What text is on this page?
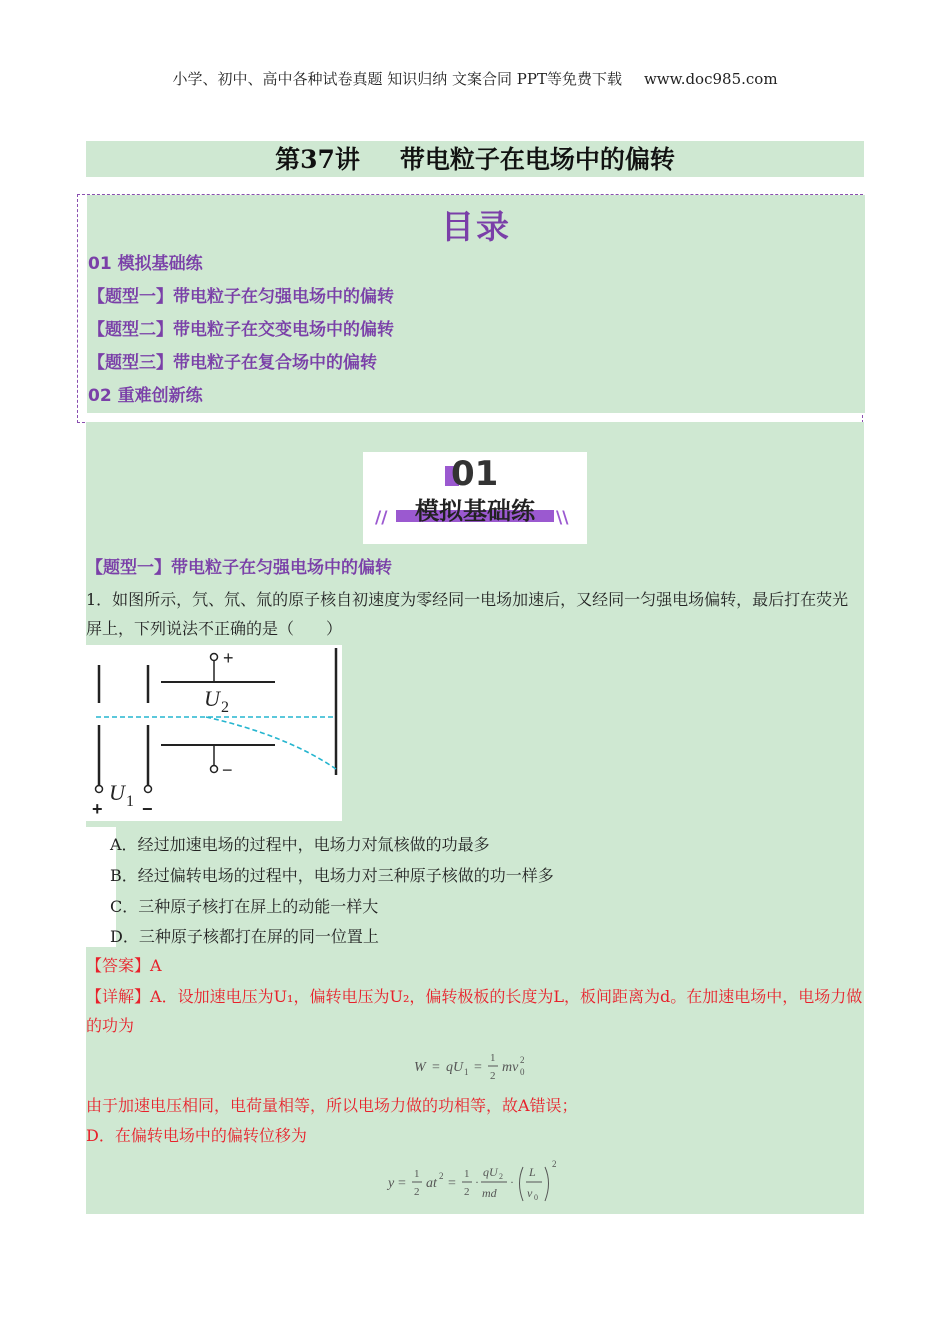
小学、初中、高中各种试卷真题 知识归纳 文案合同 PPT等免费下载 www.doc985.com
第37讲 带电粒子在电场中的偏转
目录
01 模拟基础练
【题型一】带电粒子在匀强电场中的偏转
【题型二】带电粒子在交变电场中的偏转
【题型三】带电粒子在复合场中的偏转
02 重难创新练
01
模拟基础练
//	\\
【题型一】带电粒子在匀强电场中的偏转
1．如图所示，氕、氘、氚的原子核自初速度为零经同一电场加速后，又经同一匀强电场偏转，最后打在荧光屏上，下列说法不正确的是（　　）
+
−
U 2
U 1
+ −
A．经过加速电场的过程中，电场力对氚核做的功最多
B．经过偏转电场的过程中，电场力对三种原子核做的功一样多
C．三种原子核打在屏上的动能一样大
D．三种原子核都打在屏的同一位置上
【答案】A
【详解】A．设加速电压为U₁，偏转电压为U₂，偏转极板的长度为L，板间距离为d。在加速电场中，电场力做的功为
W = qU 1 =
1
2
mv 0
2
由于加速电压相同，电荷量相等，所以电场力做的功相等，故A错误；
D．在偏转电场中的偏转位移为
y =
1
2
at 2 =
1
2
·
qU 2
md
·
L
v 0
2
